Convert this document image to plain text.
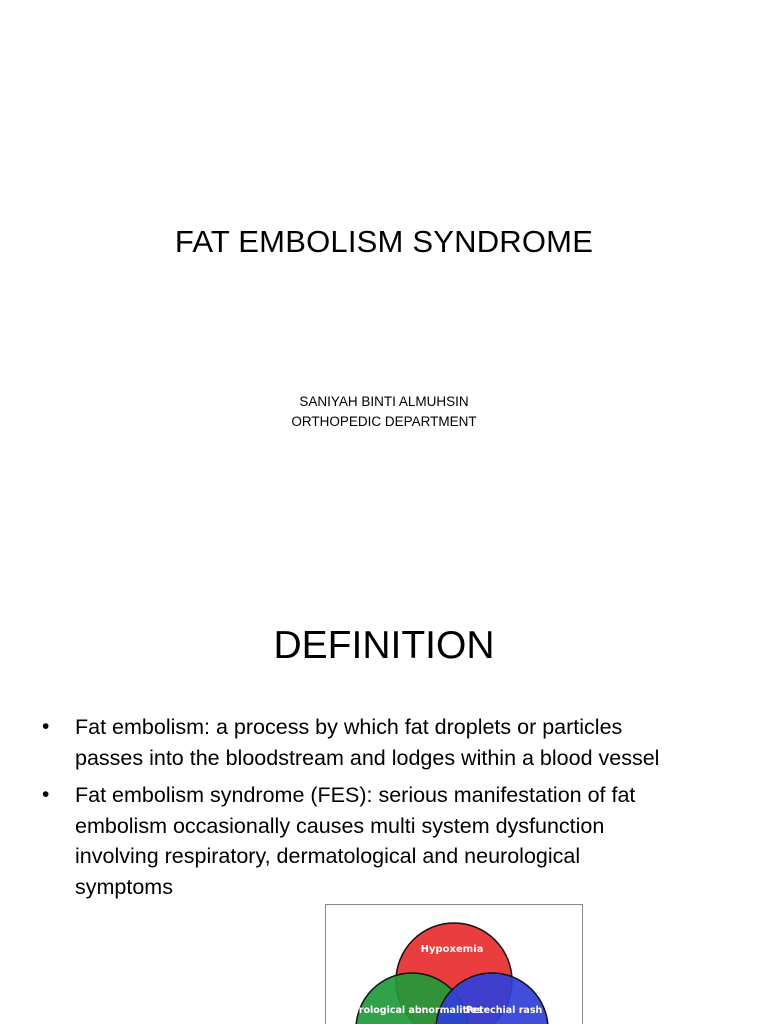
FAT EMBOLISM SYNDROME
SANIYAH BINTI ALMUHSIN
ORTHOPEDIC DEPARTMENT
DEFINITION
• Fat embolism: a process by which fat droplets or particles
passes into the bloodstream and lodges within a blood vessel
• Fat embolism syndrome (FES): serious manifestation of fat
embolism occasionally causes multi system dysfunction
involving respiratory, dermatological and neurological
symptoms
Hypoxemia
Neurological abnormalities
Petechial rash
